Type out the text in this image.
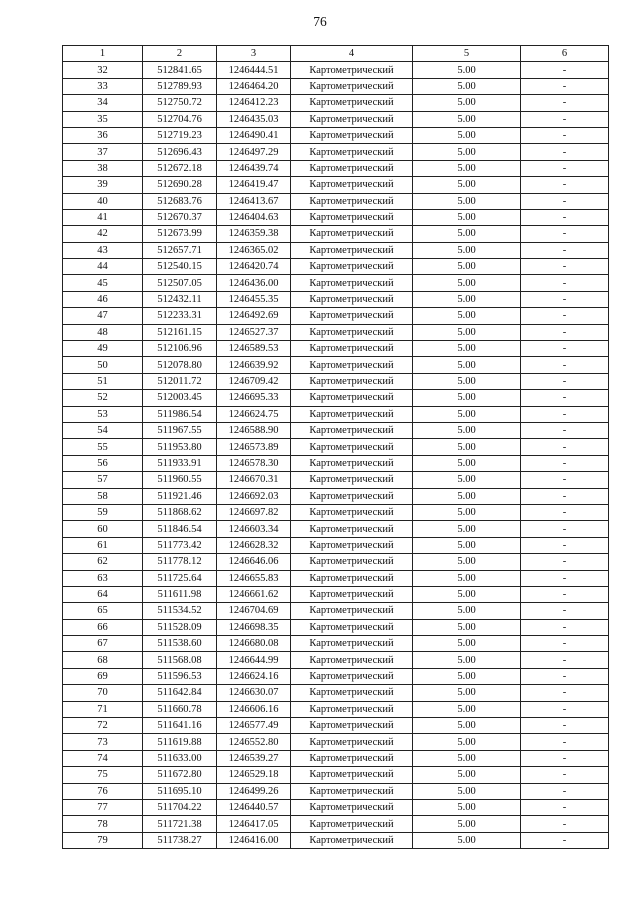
76
1	2	3	4	5	6
32	512841.65	1246444.51	Картометрический	5.00	-
33	512789.93	1246464.20	Картометрический	5.00	-
34	512750.72	1246412.23	Картометрический	5.00	-
35	512704.76	1246435.03	Картометрический	5.00	-
36	512719.23	1246490.41	Картометрический	5.00	-
37	512696.43	1246497.29	Картометрический	5.00	-
38	512672.18	1246439.74	Картометрический	5.00	-
39	512690.28	1246419.47	Картометрический	5.00	-
40	512683.76	1246413.67	Картометрический	5.00	-
41	512670.37	1246404.63	Картометрический	5.00	-
42	512673.99	1246359.38	Картометрический	5.00	-
43	512657.71	1246365.02	Картометрический	5.00	-
44	512540.15	1246420.74	Картометрический	5.00	-
45	512507.05	1246436.00	Картометрический	5.00	-
46	512432.11	1246455.35	Картометрический	5.00	-
47	512233.31	1246492.69	Картометрический	5.00	-
48	512161.15	1246527.37	Картометрический	5.00	-
49	512106.96	1246589.53	Картометрический	5.00	-
50	512078.80	1246639.92	Картометрический	5.00	-
51	512011.72	1246709.42	Картометрический	5.00	-
52	512003.45	1246695.33	Картометрический	5.00	-
53	511986.54	1246624.75	Картометрический	5.00	-
54	511967.55	1246588.90	Картометрический	5.00	-
55	511953.80	1246573.89	Картометрический	5.00	-
56	511933.91	1246578.30	Картометрический	5.00	-
57	511960.55	1246670.31	Картометрический	5.00	-
58	511921.46	1246692.03	Картометрический	5.00	-
59	511868.62	1246697.82	Картометрический	5.00	-
60	511846.54	1246603.34	Картометрический	5.00	-
61	511773.42	1246628.32	Картометрический	5.00	-
62	511778.12	1246646.06	Картометрический	5.00	-
63	511725.64	1246655.83	Картометрический	5.00	-
64	511611.98	1246661.62	Картометрический	5.00	-
65	511534.52	1246704.69	Картометрический	5.00	-
66	511528.09	1246698.35	Картометрический	5.00	-
67	511538.60	1246680.08	Картометрический	5.00	-
68	511568.08	1246644.99	Картометрический	5.00	-
69	511596.53	1246624.16	Картометрический	5.00	-
70	511642.84	1246630.07	Картометрический	5.00	-
71	511660.78	1246606.16	Картометрический	5.00	-
72	511641.16	1246577.49	Картометрический	5.00	-
73	511619.88	1246552.80	Картометрический	5.00	-
74	511633.00	1246539.27	Картометрический	5.00	-
75	511672.80	1246529.18	Картометрический	5.00	-
76	511695.10	1246499.26	Картометрический	5.00	-
77	511704.22	1246440.57	Картометрический	5.00	-
78	511721.38	1246417.05	Картометрический	5.00	-
79	511738.27	1246416.00	Картометрический	5.00	-
